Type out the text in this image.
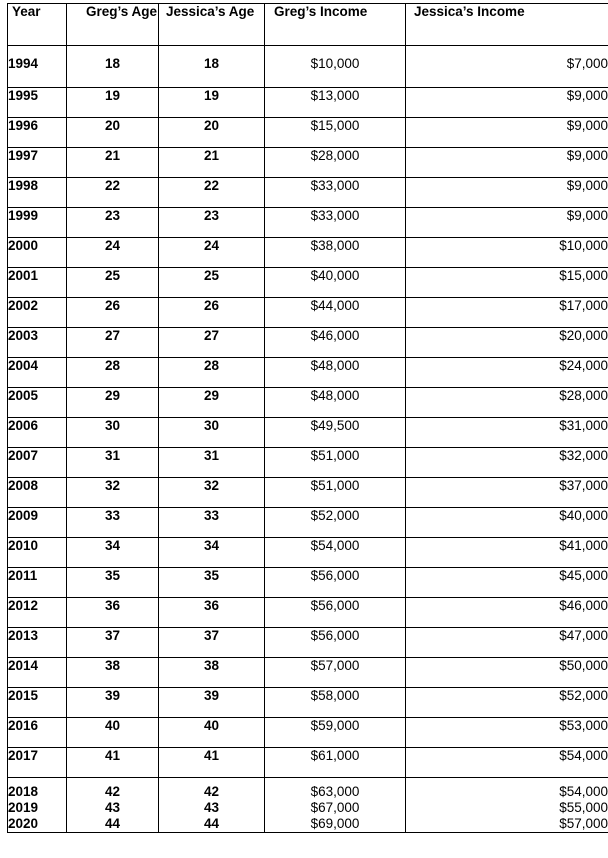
Year	Greg’s Age	Jessica’s Age	Greg’s Income	Jessica’s Income
1994	18	18	$10,000	$7,000
1995	19	19	$13,000	$9,000
1996	20	20	$15,000	$9,000
1997	21	21	$28,000	$9,000
1998	22	22	$33,000	$9,000
1999	23	23	$33,000	$9,000
2000	24	24	$38,000	$10,000
2001	25	25	$40,000	$15,000
2002	26	26	$44,000	$17,000
2003	27	27	$46,000	$20,000
2004	28	28	$48,000	$24,000
2005	29	29	$48,000	$28,000
2006	30	30	$49,500	$31,000
2007	31	31	$51,000	$32,000
2008	32	32	$51,000	$37,000
2009	33	33	$52,000	$40,000
2010	34	34	$54,000	$41,000
2011	35	35	$56,000	$45,000
2012	36	36	$56,000	$46,000
2013	37	37	$56,000	$47,000
2014	38	38	$57,000	$50,000
2015	39	39	$58,000	$52,000
2016	40	40	$59,000	$53,000
2017	41	41	$61,000	$54,000
2018	42	42	$63,000	$54,000
2019	43	43	$67,000	$55,000
2020	44	44	$69,000	$57,000
